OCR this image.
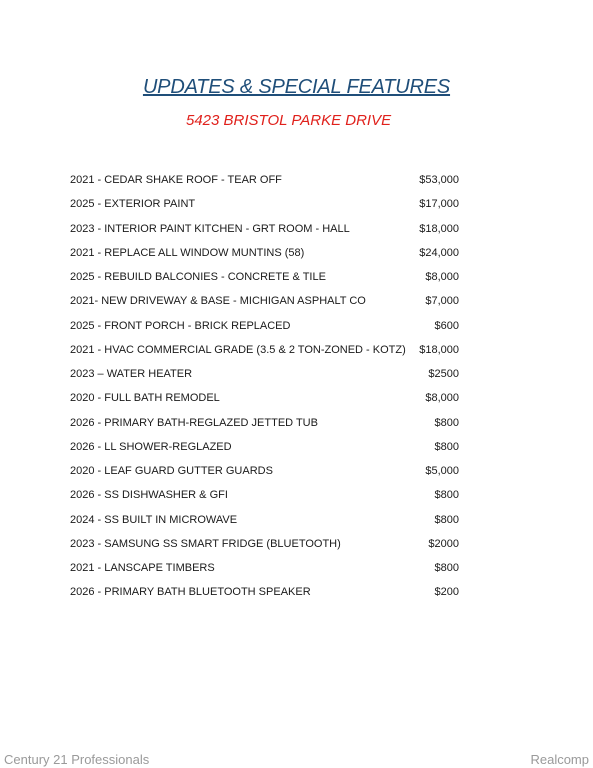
UPDATES & SPECIAL FEATURES
5423 BRISTOL PARKE DRIVE
2021 - CEDAR SHAKE ROOF - TEAR OFF	$53,000
2025 - EXTERIOR PAINT	$17,000
2023 - INTERIOR PAINT KITCHEN - GRT ROOM - HALL	$18,000
2021 - REPLACE ALL WINDOW MUNTINS (58)	$24,000
2025 - REBUILD BALCONIES - CONCRETE & TILE	$8,000
2021- NEW DRIVEWAY & BASE - MICHIGAN ASPHALT CO	$7,000
2025 - FRONT PORCH - BRICK REPLACED	$600
2021 - HVAC COMMERCIAL GRADE (3.5 & 2 TON-ZONED - KOTZ) $18,000
2023 – WATER HEATER	$2500
2020 - FULL BATH REMODEL	$8,000
2026 - PRIMARY BATH-REGLAZED JETTED TUB	$800
2026 - LL SHOWER-REGLAZED	$800
2020 - LEAF GUARD GUTTER GUARDS	$5,000
2026 - SS DISHWASHER & GFI	$800
2024 - SS BUILT IN MICROWAVE	$800
2023 - SAMSUNG SS SMART FRIDGE (BLUETOOTH)	$2000
2021 - LANSCAPE TIMBERS	$800
2026 - PRIMARY BATH BLUETOOTH SPEAKER	$200
Century 21 Professionals	Realcomp
